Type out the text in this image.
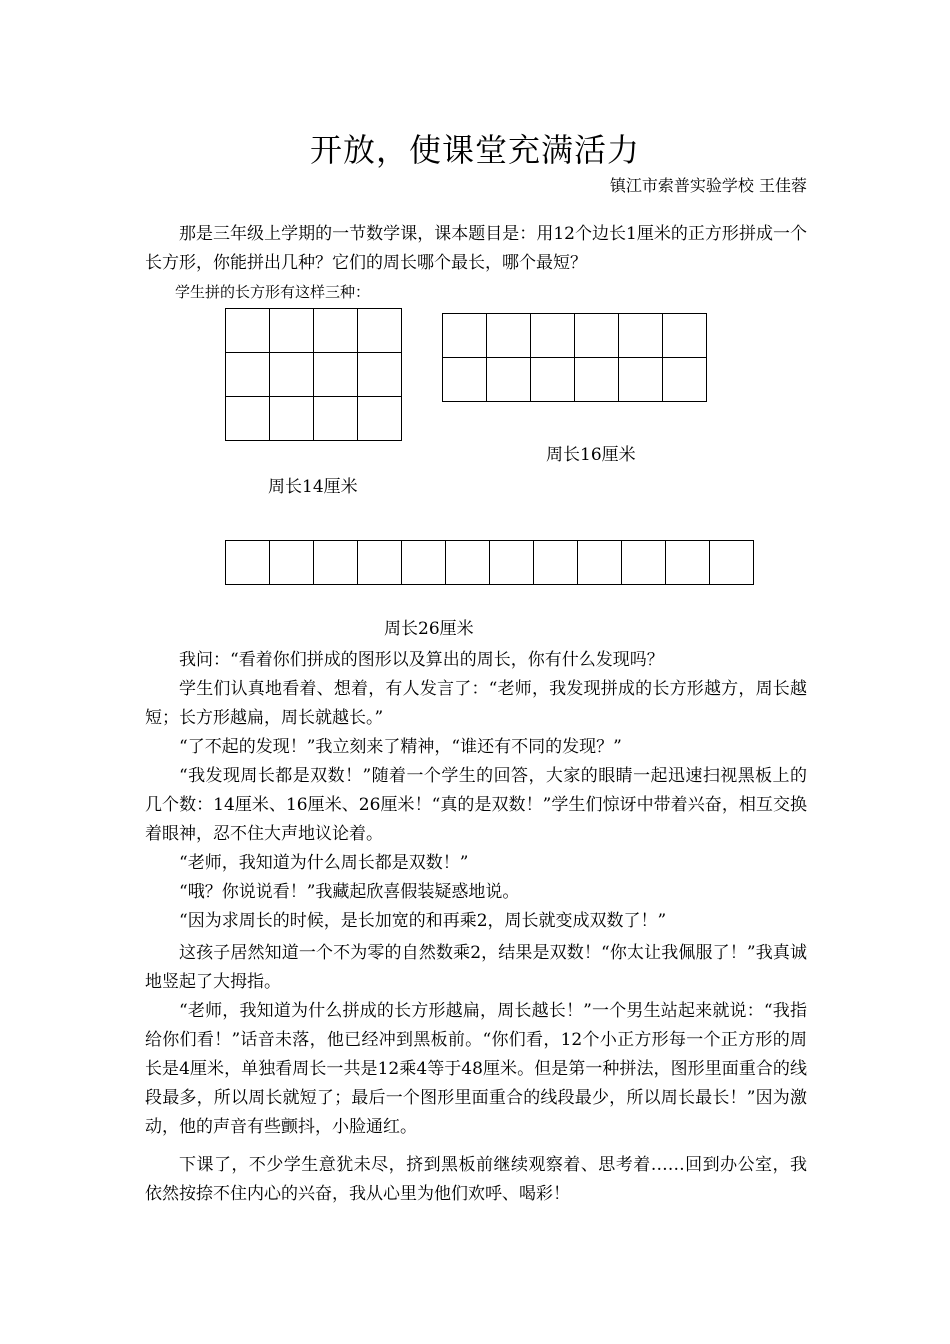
开放，使课堂充满活力
镇江市索普实验学校 王佳蓉

那是三年级上学期的一节数学课，课本题目是：用12个边长1厘米的正方形拼成一个长方形，你能拼出几种？它们的周长哪个最长，哪个最短？

学生拼的长方形有这样三种：

周长16厘米
周长14厘米
周长26厘米

我问：“看着你们拼成的图形以及算出的周长，你有什么发现吗？

学生们认真地看着、想着，有人发言了：“老师，我发现拼成的长方形越方，周长越短；长方形越扁，周长就越长。”

“了不起的发现！”我立刻来了精神，“谁还有不同的发现？”

“我发现周长都是双数！”随着一个学生的回答，大家的眼睛一起迅速扫视黑板上的几个数：14厘米、16厘米、26厘米！“真的是双数！”学生们惊讶中带着兴奋，相互交换着眼神，忍不住大声地议论着。

“老师，我知道为什么周长都是双数！”

“哦？你说说看！”我藏起欣喜假装疑惑地说。

“因为求周长的时候，是长加宽的和再乘2，周长就变成双数了！”

这孩子居然知道一个不为零的自然数乘2，结果是双数！“你太让我佩服了！”我真诚地竖起了大拇指。

“老师，我知道为什么拼成的长方形越扁，周长越长！”一个男生站起来就说：“我指给你们看！”话音未落，他已经冲到黑板前。“你们看，12个小正方形每一个正方形的周长是4厘米，单独看周长一共是12乘4等于48厘米。但是第一种拼法，图形里面重合的线段最多，所以周长就短了；最后一个图形里面重合的线段最少，所以周长最长！”因为激动，他的声音有些颤抖，小脸通红。

下课了，不少学生意犹未尽，挤到黑板前继续观察着、思考着……回到办公室，我依然按捺不住内心的兴奋，我从心里为他们欢呼、喝彩！
